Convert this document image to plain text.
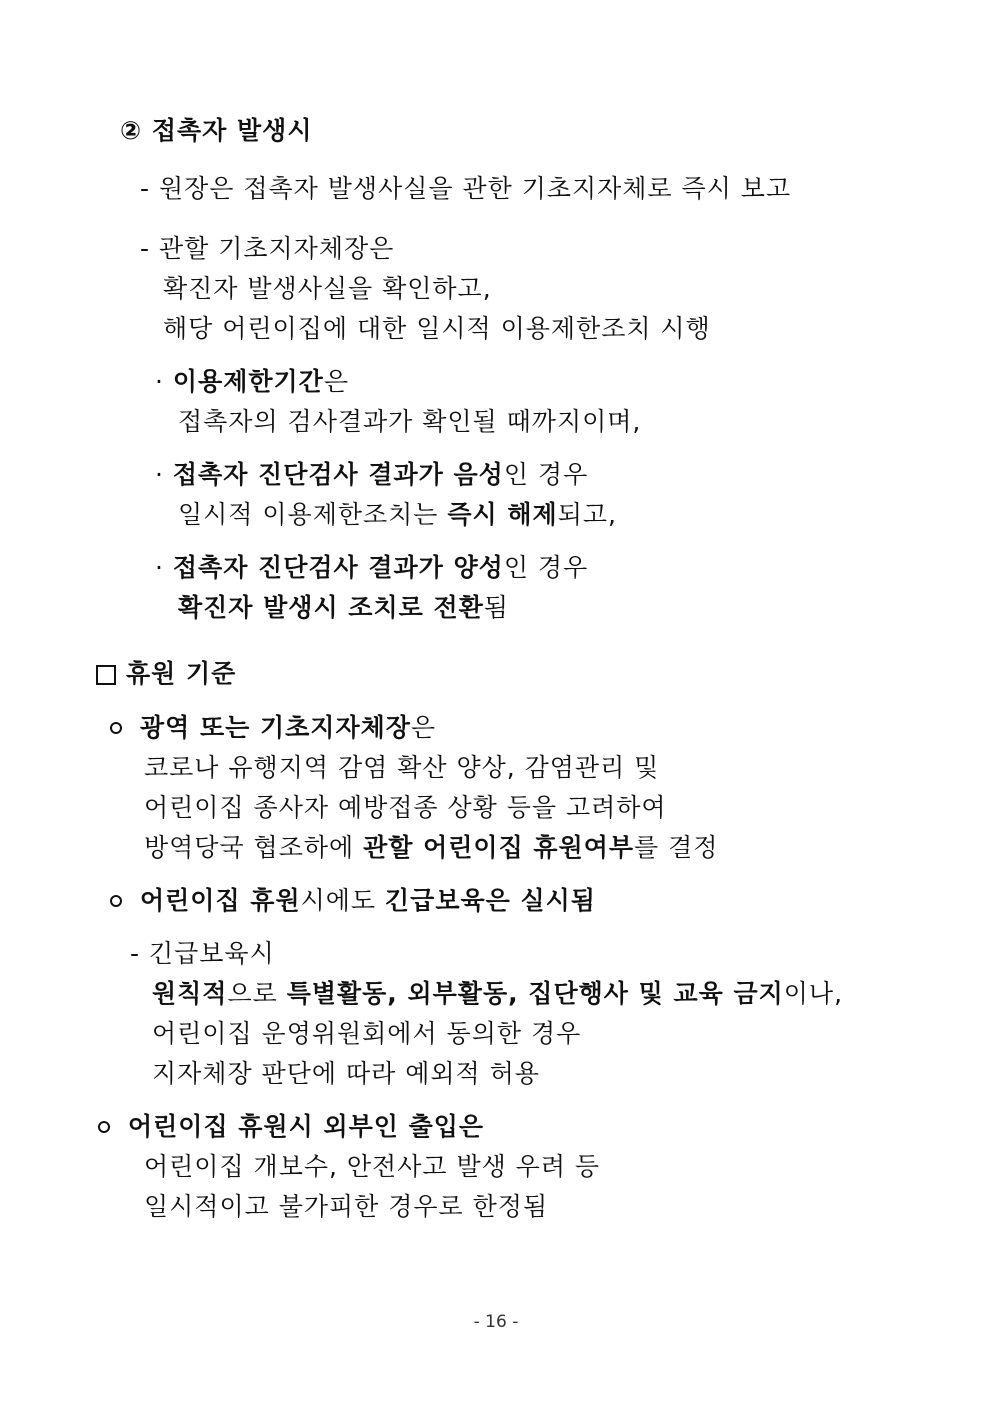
② 접촉자 발생시
- 원장은 접촉자 발생사실을 관한 기초지자체로 즉시 보고
- 관할 기초지자체장은
확진자 발생사실을 확인하고,
해당 어린이집에 대한 일시적 이용제한조치 시행
· 이용제한기간은
접촉자의 검사결과가 확인될 때까지이며,
· 접촉자 진단검사 결과가 음성인 경우
일시적 이용제한조치는 즉시 해제되고,
· 접촉자 진단검사 결과가 양성인 경우
확진자 발생시 조치로 전환됨
휴원 기준
광역 또는 기초지자체장은
코로나 유행지역 감염 확산 양상, 감염관리 및
어린이집 종사자 예방접종 상황 등을 고려하여
방역당국 협조하에 관할 어린이집 휴원여부를 결정
어린이집 휴원시에도 긴급보육은 실시됨
- 긴급보육시
원칙적으로 특별활동, 외부활동, 집단행사 및 교육 금지이나,
어린이집 운영위원회에서 동의한 경우
지자체장 판단에 따라 예외적 허용
어린이집 휴원시 외부인 출입은
어린이집 개보수, 안전사고 발생 우려 등
일시적이고 불가피한 경우로 한정됨
- 16 -
